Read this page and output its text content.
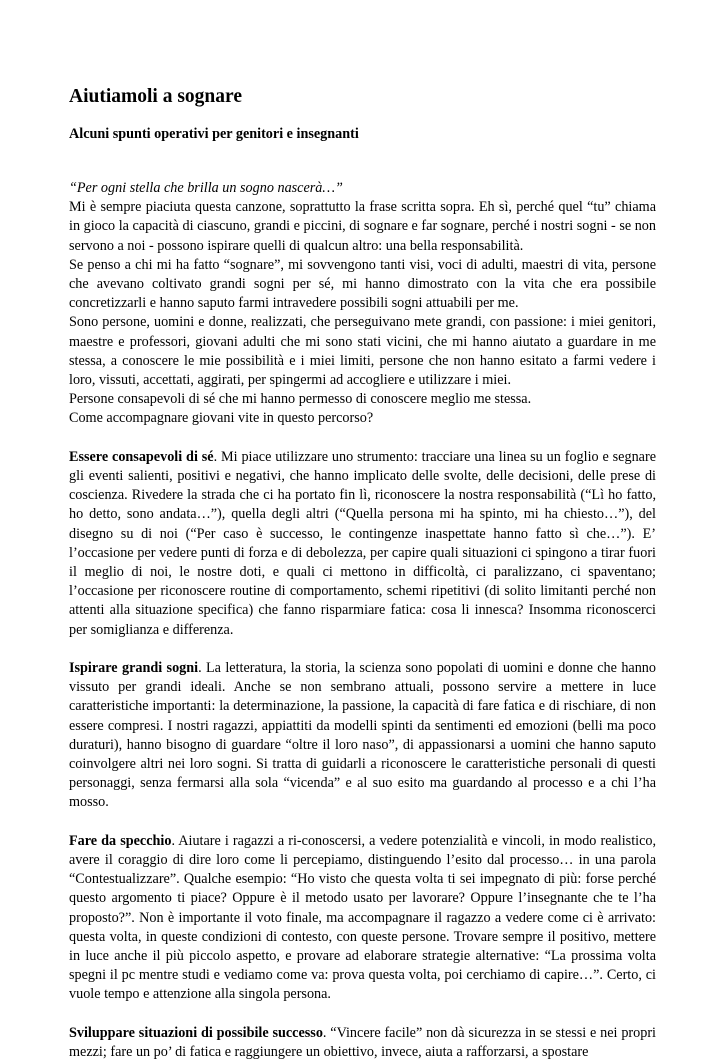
Aiutiamoli a sognare
Alcuni spunti operativi per genitori e insegnanti

“Per ogni stella che brilla un sogno nascerà…”

Mi è sempre piaciuta questa canzone, soprattutto la frase scritta sopra. Eh sì, perché quel “tu” chiama in gioco la capacità di ciascuno, grandi e piccini, di sognare e far sognare, perché i nostri sogni - se non servono a noi - possono ispirare quelli di qualcun altro: una bella responsabilità.

Se penso a chi mi ha fatto “sognare”, mi sovvengono tanti visi, voci di adulti, maestri di vita, persone che avevano coltivato grandi sogni per sé, mi hanno dimostrato con la vita che era possibile concretizzarli e hanno saputo farmi intravedere possibili sogni attuabili per me.

Sono persone, uomini e donne, realizzati, che perseguivano mete grandi, con passione: i miei genitori, maestre e professori, giovani adulti che mi sono stati vicini, che mi hanno aiutato a guardare in me stessa, a conoscere le mie possibilità e i miei limiti, persone che non hanno esitato a farmi vedere i loro, vissuti, accettati, aggirati, per spingermi ad accogliere e utilizzare i miei.

Persone consapevoli di sé che mi hanno permesso di conoscere meglio me stessa.

Come accompagnare giovani vite in questo percorso?

Essere consapevoli di sé. Mi piace utilizzare uno strumento: tracciare una linea su un foglio e segnare gli eventi salienti, positivi e negativi, che hanno implicato delle svolte, delle decisioni, delle prese di coscienza. Rivedere la strada che ci ha portato fin lì, riconoscere la nostra responsabilità (“Lì ho fatto, ho detto, sono andata…”), quella degli altri (“Quella persona mi ha spinto, mi ha chiesto…”), del disegno su di noi (“Per caso è successo, le contingenze inaspettate hanno fatto sì che…”). E’ l’occasione per vedere punti di forza e di debolezza, per capire quali situazioni ci spingono a tirar fuori il meglio di noi, le nostre doti, e quali ci mettono in difficoltà, ci paralizzano, ci spaventano; l’occasione per riconoscere routine di comportamento, schemi ripetitivi (di solito limitanti perché non attenti alla situazione specifica) che fanno risparmiare fatica: cosa li innesca? Insomma riconoscerci per somiglianza e differenza.

Ispirare grandi sogni. La letteratura, la storia, la scienza sono popolati di uomini e donne che hanno vissuto per grandi ideali. Anche se non sembrano attuali, possono servire a mettere in luce caratteristiche importanti: la determinazione, la passione, la capacità di fare fatica e di rischiare, di non essere compresi. I nostri ragazzi, appiattiti da modelli spinti da sentimenti ed emozioni (belli ma poco duraturi), hanno bisogno di guardare “oltre il loro naso”, di appassionarsi a uomini che hanno saputo coinvolgere altri nei loro sogni. Si tratta di guidarli a riconoscere le caratteristiche personali di questi personaggi, senza fermarsi alla sola “vicenda” e al suo esito ma guardando al processo e a chi l’ha mosso.

Fare da specchio. Aiutare i ragazzi a ri-conoscersi, a vedere potenzialità e vincoli, in modo realistico, avere il coraggio di dire loro come li percepiamo, distinguendo l’esito dal processo… in una parola “Contestualizzare”. Qualche esempio: “Ho visto che questa volta ti sei impegnato di più: forse perché questo argomento ti piace? Oppure è il metodo usato per lavorare? Oppure l’insegnante che te l’ha proposto?”. Non è importante il voto finale, ma accompagnare il ragazzo a vedere come ci è arrivato: questa volta, in queste condizioni di contesto, con queste persone. Trovare sempre il positivo, mettere in luce anche il più piccolo aspetto, e provare ad elaborare strategie alternative: “La prossima volta spegni il pc mentre studi e vediamo come va: prova questa volta, poi cerchiamo di capire…”. Certo, ci vuole tempo e attenzione alla singola persona.

Sviluppare situazioni di possibile successo. “Vincere facile” non dà sicurezza in se stessi e nei propri mezzi; fare un po’ di fatica e raggiungere un obiettivo, invece, aiuta a rafforzarsi, a spostare
